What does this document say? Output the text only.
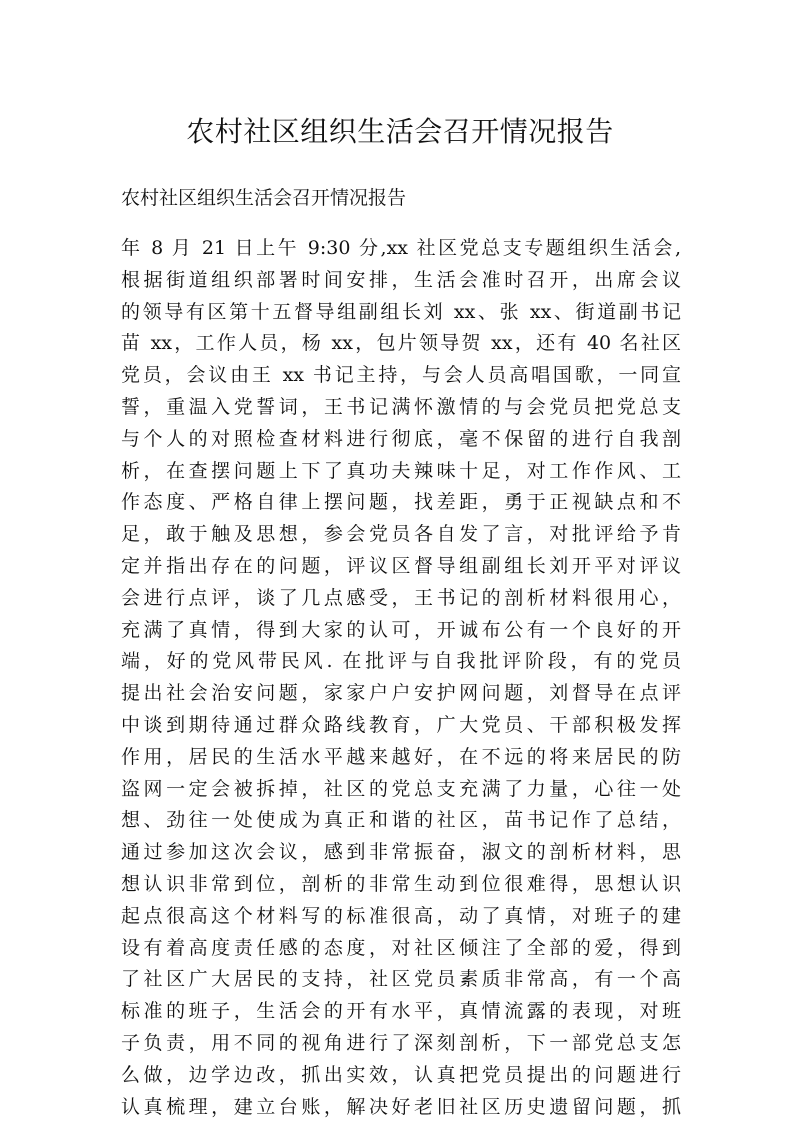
农村社区组织生活会召开情况报告

农村社区组织生活会召开情况报告

年 8 月 21 日上午 9:30 分,xx 社区党总支专题组织生活会,
根据街道组织部署时间安排，生活会准时召开，出席会议
的领导有区第十五督导组副组长刘 xx、张 xx、街道副书记
苗 xx，工作人员，杨 xx，包片领导贺 xx，还有 40 名社区
党员，会议由王 xx 书记主持，与会人员高唱国歌，一同宣
誓，重温入党誓词，王书记满怀激情的与会党员把党总支
与个人的对照检查材料进行彻底，毫不保留的进行自我剖
析，在查摆问题上下了真功夫辣味十足，对工作作风、工
作态度、严格自律上摆问题，找差距，勇于正视缺点和不
足，敢于触及思想，参会党员各自发了言，对批评给予肯
定并指出存在的问题，评议区督导组副组长刘开平对评议
会进行点评，谈了几点感受，王书记的剖析材料很用心，
充满了真情，得到大家的认可，开诚布公有一个良好的开
端，好的党风带民风. 在批评与自我批评阶段，有的党员
提出社会治安问题，家家户户安护网问题，刘督导在点评
中谈到期待通过群众路线教育，广大党员、干部积极发挥
作用，居民的生活水平越来越好，在不远的将来居民的防
盗网一定会被拆掉，社区的党总支充满了力量，心往一处
想、劲往一处使成为真正和谐的社区，苗书记作了总结，
通过参加这次会议，感到非常振奋，淑文的剖析材料，思
想认识非常到位，剖析的非常生动到位很难得，思想认识
起点很高这个材料写的标准很高，动了真情，对班子的建
设有着高度责任感的态度，对社区倾注了全部的爱，得到
了社区广大居民的支持，社区党员素质非常高，有一个高
标准的班子，生活会的开有水平，真情流露的表现，对班
子负责，用不同的视角进行了深刻剖析，下一部党总支怎
么做，边学边改，抓出实效，认真把党员提出的问题进行
认真梳理，建立台账，解决好老旧社区历史遗留问题，抓
